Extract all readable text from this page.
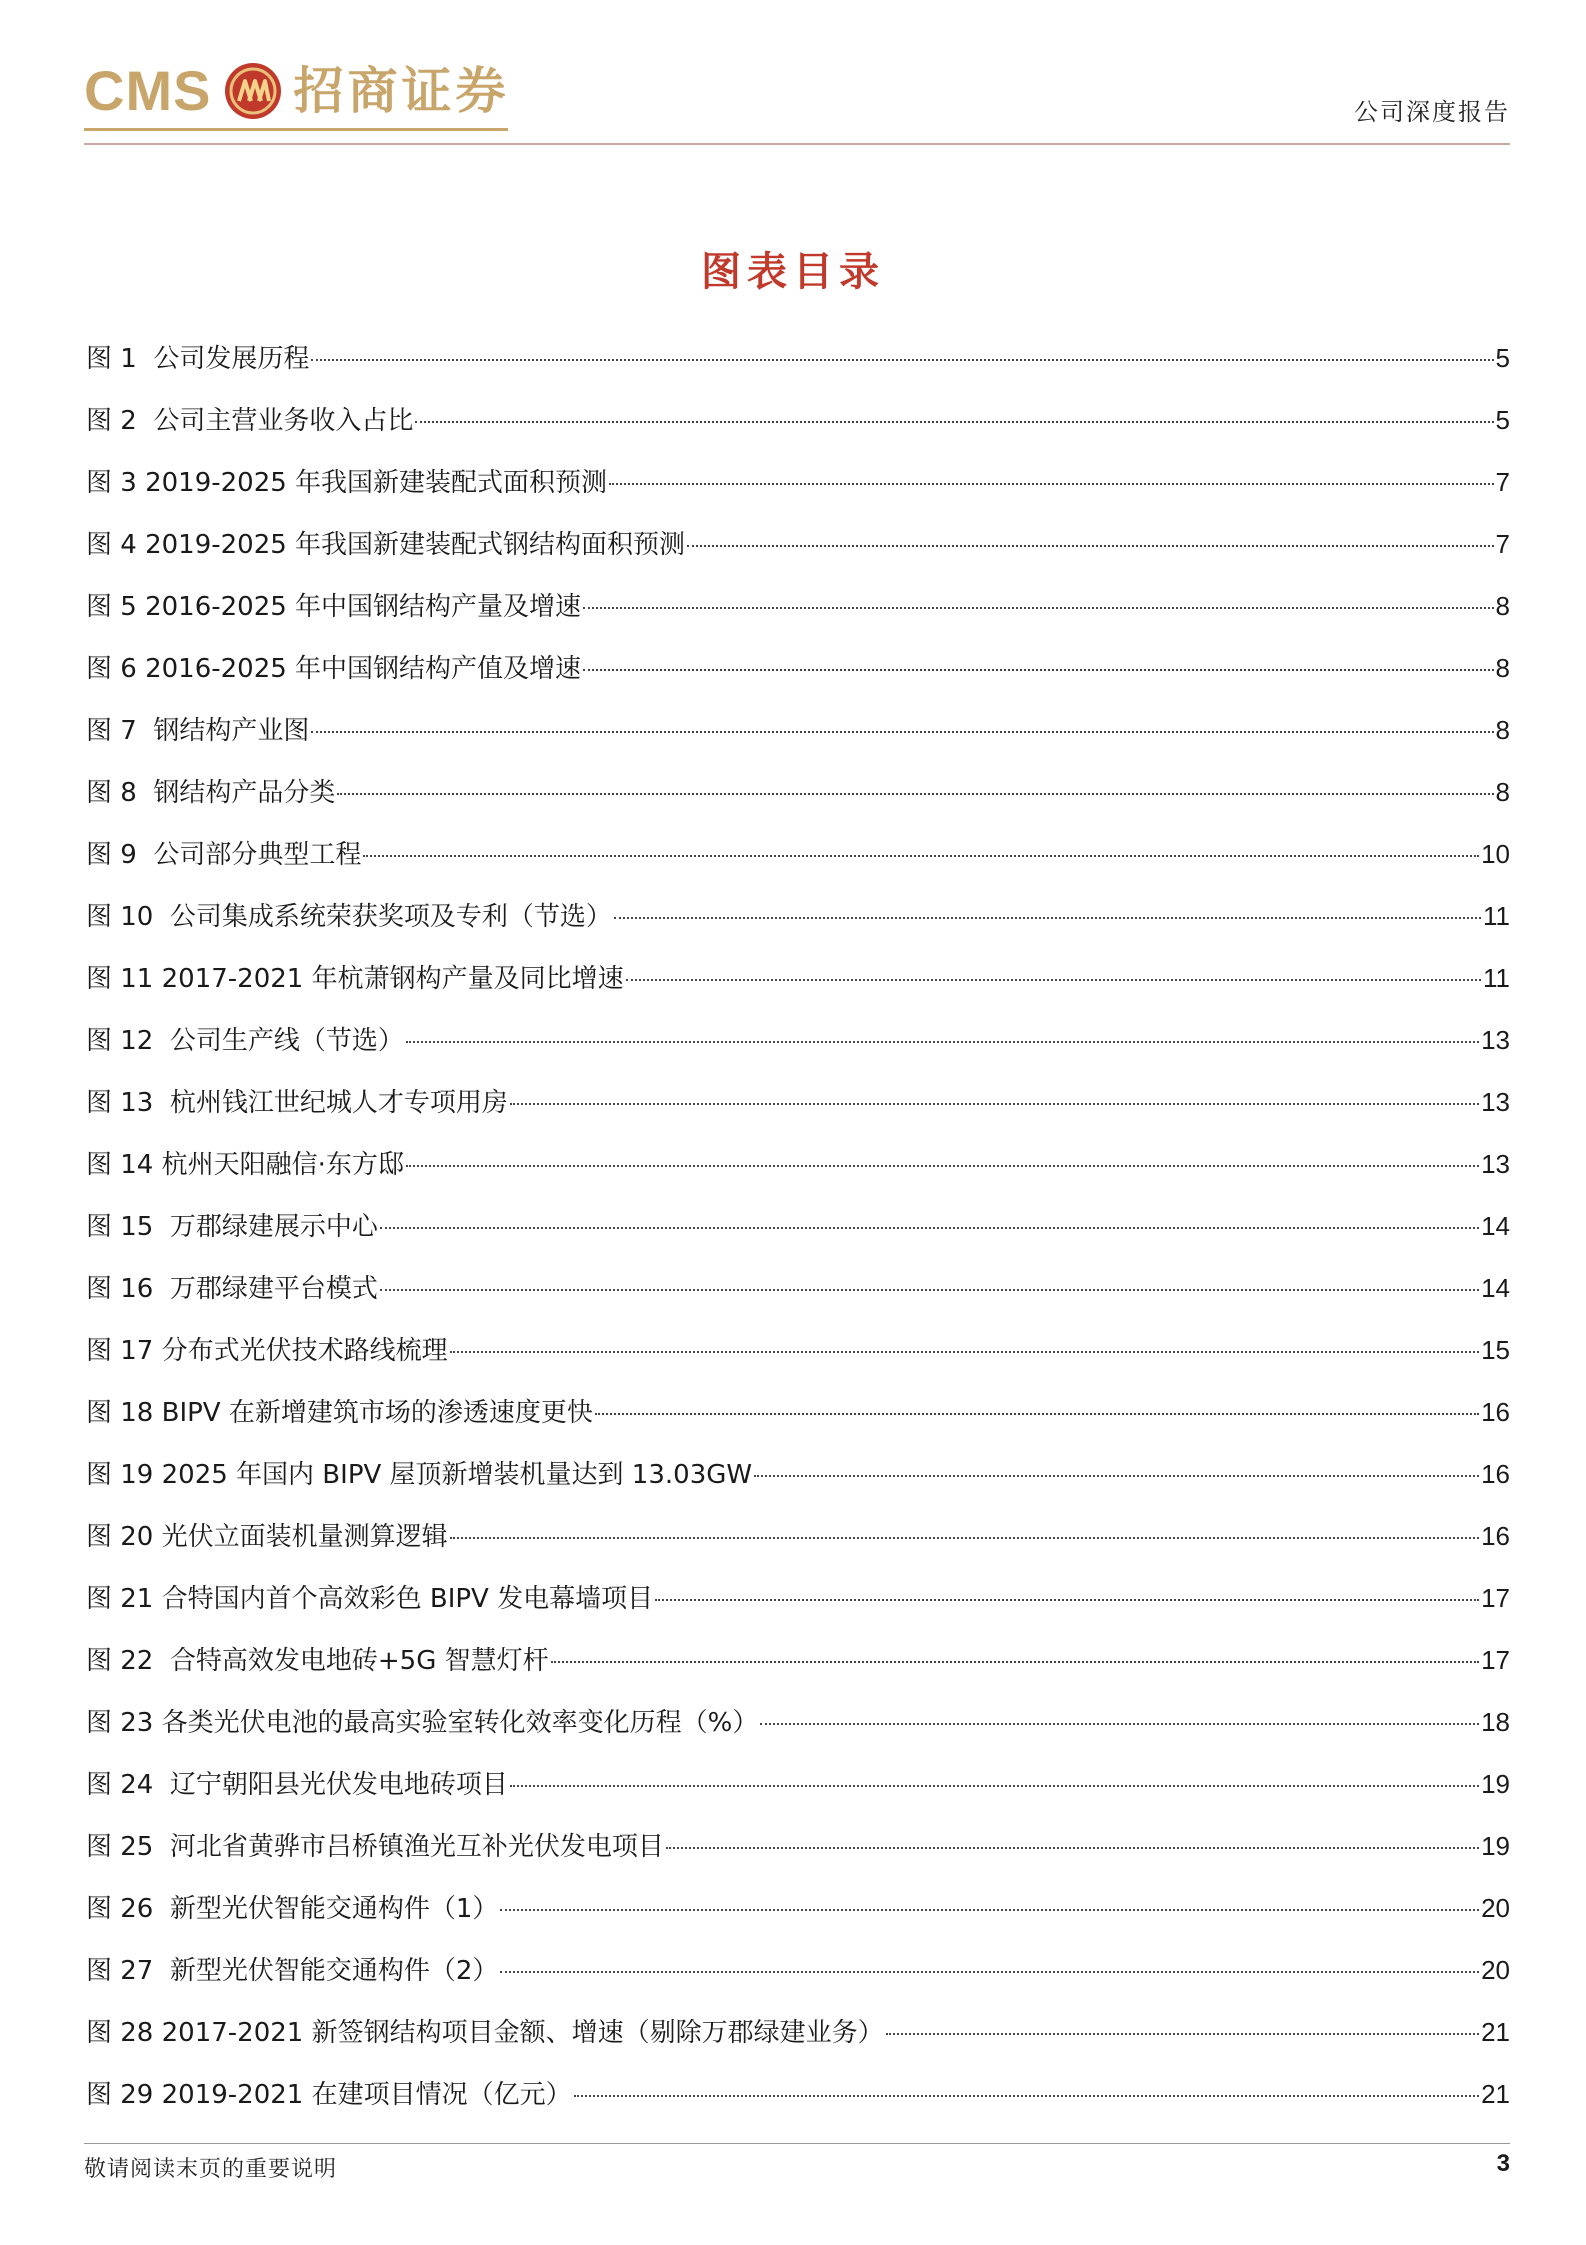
CMS 招商证券	公司深度报告
图表目录
图 1  公司发展历程	5
图 2  公司主营业务收入占比	5
图 3 2019-2025 年我国新建装配式面积预测	7
图 4 2019-2025 年我国新建装配式钢结构面积预测	7
图 5 2016-2025 年中国钢结构产量及增速	8
图 6 2016-2025 年中国钢结构产值及增速	8
图 7  钢结构产业图	8
图 8  钢结构产品分类	8
图 9  公司部分典型工程	10
图 10  公司集成系统荣获奖项及专利（节选）	11
图 11 2017-2021 年杭萧钢构产量及同比增速	11
图 12  公司生产线（节选）	13
图 13  杭州钱江世纪城人才专项用房	13
图 14 杭州天阳融信·东方邸	13
图 15  万郡绿建展示中心	14
图 16  万郡绿建平台模式	14
图 17 分布式光伏技术路线梳理	15
图 18 BIPV 在新增建筑市场的渗透速度更快	16
图 19 2025 年国内 BIPV 屋顶新增装机量达到 13.03GW	16
图 20 光伏立面装机量测算逻辑	16
图 21 合特国内首个高效彩色 BIPV 发电幕墙项目	17
图 22  合特高效发电地砖+5G 智慧灯杆	17
图 23 各类光伏电池的最高实验室转化效率变化历程（%）	18
图 24  辽宁朝阳县光伏发电地砖项目	19
图 25  河北省黄骅市吕桥镇渔光互补光伏发电项目	19
图 26  新型光伏智能交通构件（1）	20
图 27  新型光伏智能交通构件（2）	20
图 28 2017-2021 新签钢结构项目金额、增速（剔除万郡绿建业务）	21
图 29 2019-2021 在建项目情况（亿元）	21
敬请阅读末页的重要说明	3
